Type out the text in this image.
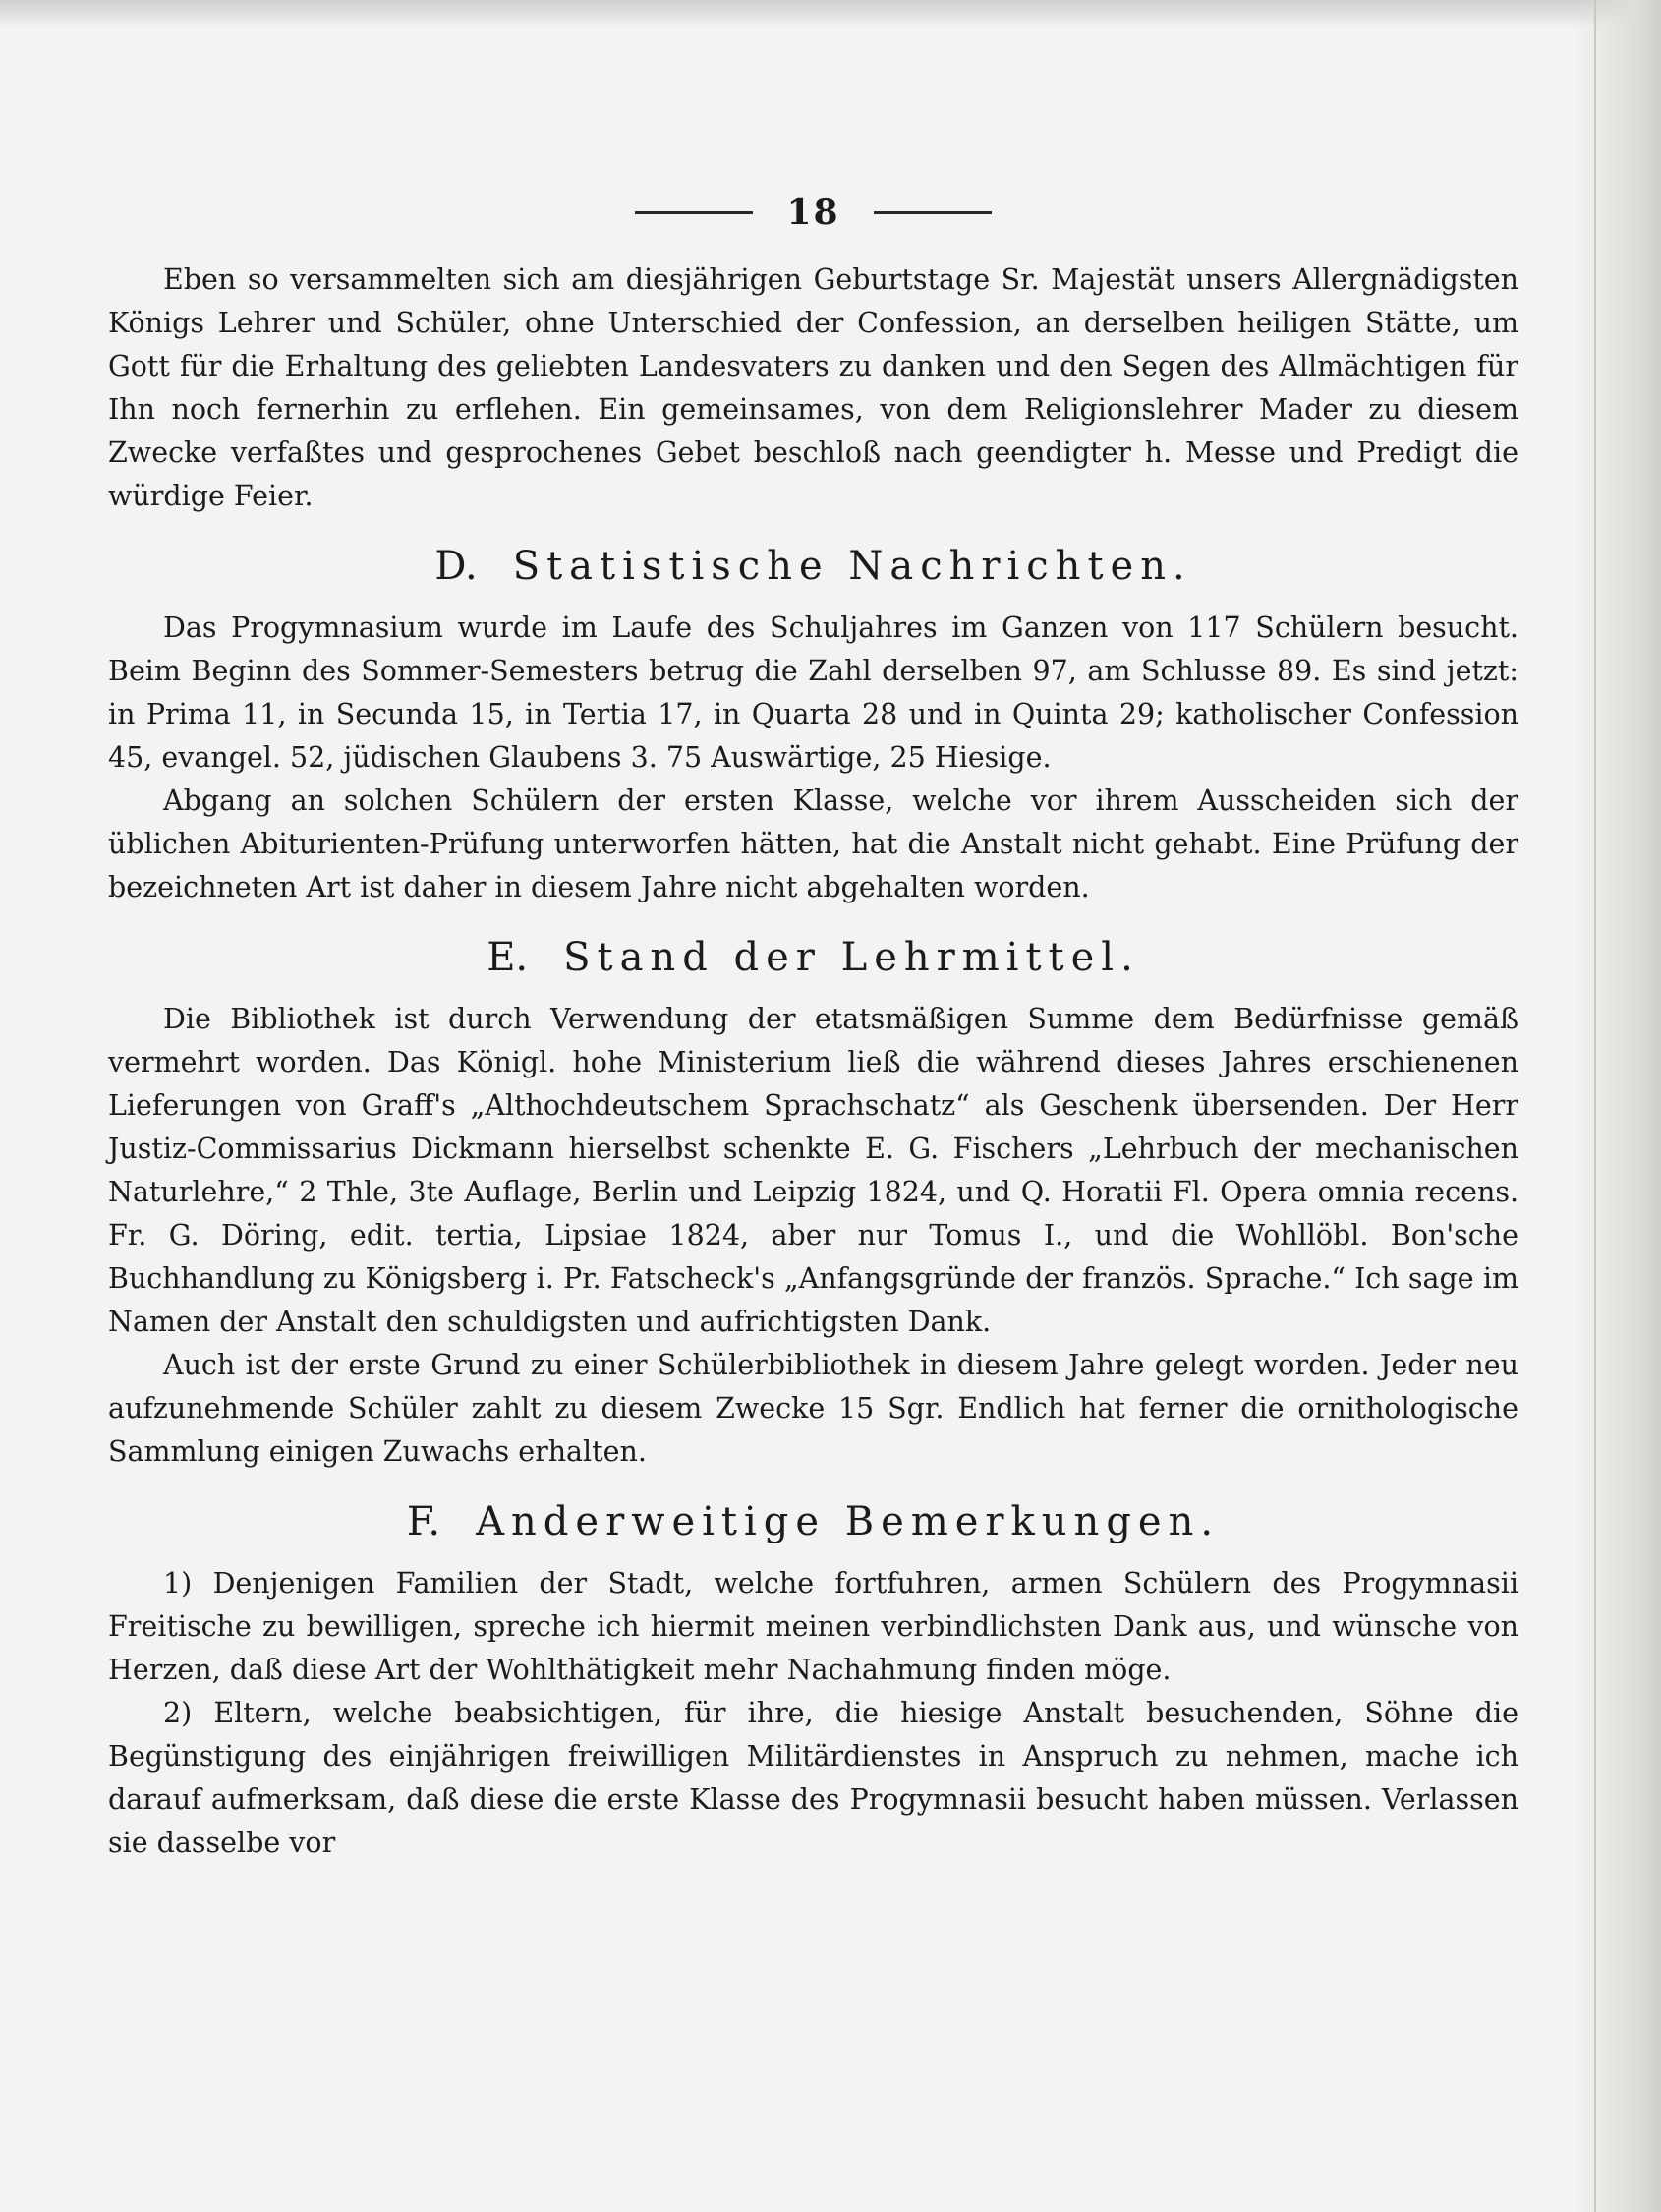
18

Eben so versammelten sich am diesjährigen Geburtstage Sr. Majestät unsers Allergnädigsten Königs Lehrer und Schüler, ohne Unterschied der Confession, an derselben heiligen Stätte, um Gott für die Erhaltung des geliebten Landesvaters zu danken und den Segen des Allmächtigen für Ihn noch fernerhin zu erflehen. Ein gemeinsames, von dem Religionslehrer Mader zu diesem Zwecke verfaßtes und gesprochenes Gebet beschloß nach geendigter h. Messe und Predigt die würdige Feier.

D. Statistische Nachrichten.

Das Progymnasium wurde im Laufe des Schuljahres im Ganzen von 117 Schülern besucht. Beim Beginn des Sommer-Semesters betrug die Zahl derselben 97, am Schlusse 89. Es sind jetzt: in Prima 11, in Secunda 15, in Tertia 17, in Quarta 28 und in Quinta 29; katholischer Confession 45, evangel. 52, jüdischen Glaubens 3. 75 Auswärtige, 25 Hiesige.

Abgang an solchen Schülern der ersten Klasse, welche vor ihrem Ausscheiden sich der üblichen Abiturienten-Prüfung unterworfen hätten, hat die Anstalt nicht gehabt. Eine Prüfung der bezeichneten Art ist daher in diesem Jahre nicht abgehalten worden.

E. Stand der Lehrmittel.

Die Bibliothek ist durch Verwendung der etatsmäßigen Summe dem Bedürfnisse gemäß vermehrt worden. Das Königl. hohe Ministerium ließ die während dieses Jahres erschienenen Lieferungen von Graff's „Althochdeutschem Sprachschatz“ als Geschenk übersenden. Der Herr Justiz-Commissarius Dickmann hierselbst schenkte E. G. Fischers „Lehrbuch der mechanischen Naturlehre,“ 2 Thle, 3te Auflage, Berlin und Leipzig 1824, und Q. Horatii Fl. Opera omnia recens. Fr. G. Döring, edit. tertia, Lipsiae 1824, aber nur Tomus I., und die Wohllöbl. Bon'sche Buchhandlung zu Königsberg i. Pr. Fatscheck's „Anfangsgründe der französ. Sprache.“ Ich sage im Namen der Anstalt den schuldigsten und aufrichtigsten Dank.

Auch ist der erste Grund zu einer Schülerbibliothek in diesem Jahre gelegt worden. Jeder neu aufzunehmende Schüler zahlt zu diesem Zwecke 15 Sgr. Endlich hat ferner die ornithologische Sammlung einigen Zuwachs erhalten.

F. Anderweitige Bemerkungen.

1) Denjenigen Familien der Stadt, welche fortfuhren, armen Schülern des Progymnasii Freitische zu bewilligen, spreche ich hiermit meinen verbindlichsten Dank aus, und wünsche von Herzen, daß diese Art der Wohlthätigkeit mehr Nachahmung finden möge.

2) Eltern, welche beabsichtigen, für ihre, die hiesige Anstalt besuchenden, Söhne die Begünstigung des einjährigen freiwilligen Militärdienstes in Anspruch zu nehmen, mache ich darauf aufmerksam, daß diese die erste Klasse des Progymnasii besucht haben müssen. Verlassen sie dasselbe vor
